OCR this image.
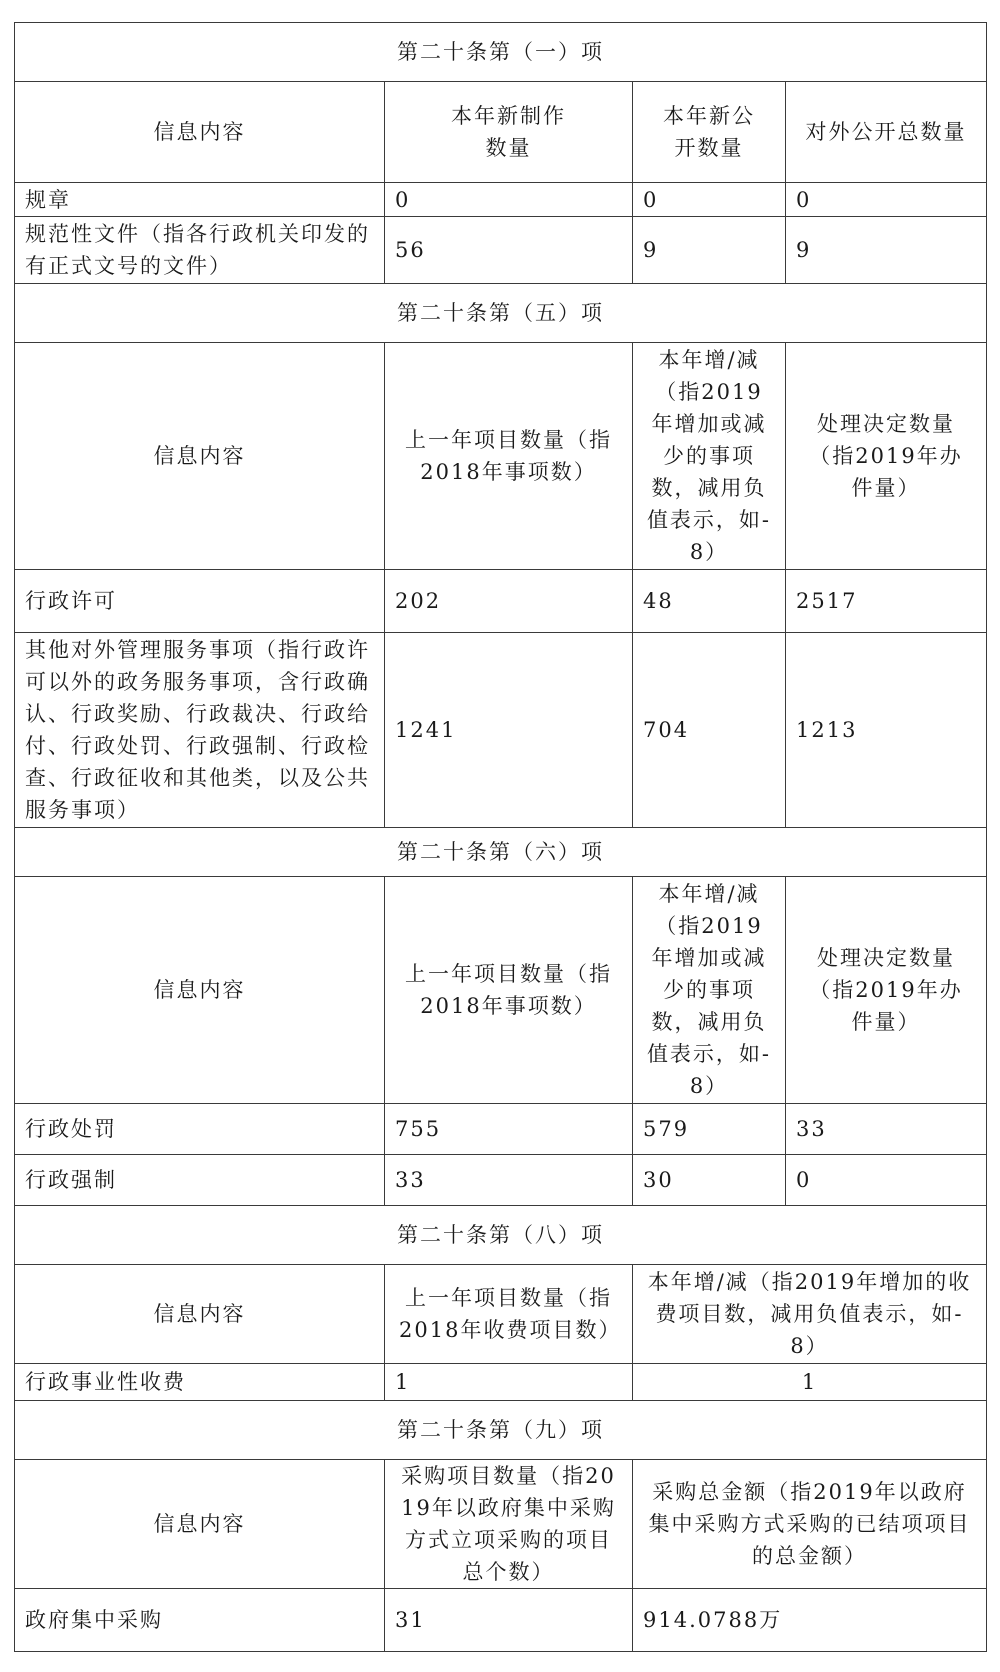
第二十条第（一）项			
信息内容	本年新制作数量	本年新公开数量	对外公开总数量
规章	0	0	0
规范性文件（指各行政机关印发的有正式文号的文件）	56	9	9
第二十条第（五）项			
信息内容	上一年项目数量（指2018年事项数）	本年增/减（指2019年增加或减少的事项数，减用负值表示，如-8）	处理决定数量（指2019年办件量）
行政许可	202	48	2517
其他对外管理服务事项（指行政许可以外的政务服务事项，含行政确认、行政奖励、行政裁决、行政给付、行政处罚、行政强制、行政检查、行政征收和其他类，以及公共服务事项）	1241	704	1213
第二十条第（六）项			
信息内容	上一年项目数量（指2018年事项数）	本年增/减（指2019年增加或减少的事项数，减用负值表示，如-8）	处理决定数量（指2019年办件量）
行政处罚	755	579	33
行政强制	33	30	0
第二十条第（八）项			
信息内容	上一年项目数量（指2018年收费项目数）	本年增/减（指2019年增加的收费项目数，减用负值表示，如-8）	
行政事业性收费	1	1	
第二十条第（九）项			
信息内容	采购项目数量（指2019年以政府集中采购方式立项采购的项目总个数）	采购总金额（指2019年以政府集中采购方式采购的已结项项目的总金额）	
政府集中采购	31	914.0788万	
